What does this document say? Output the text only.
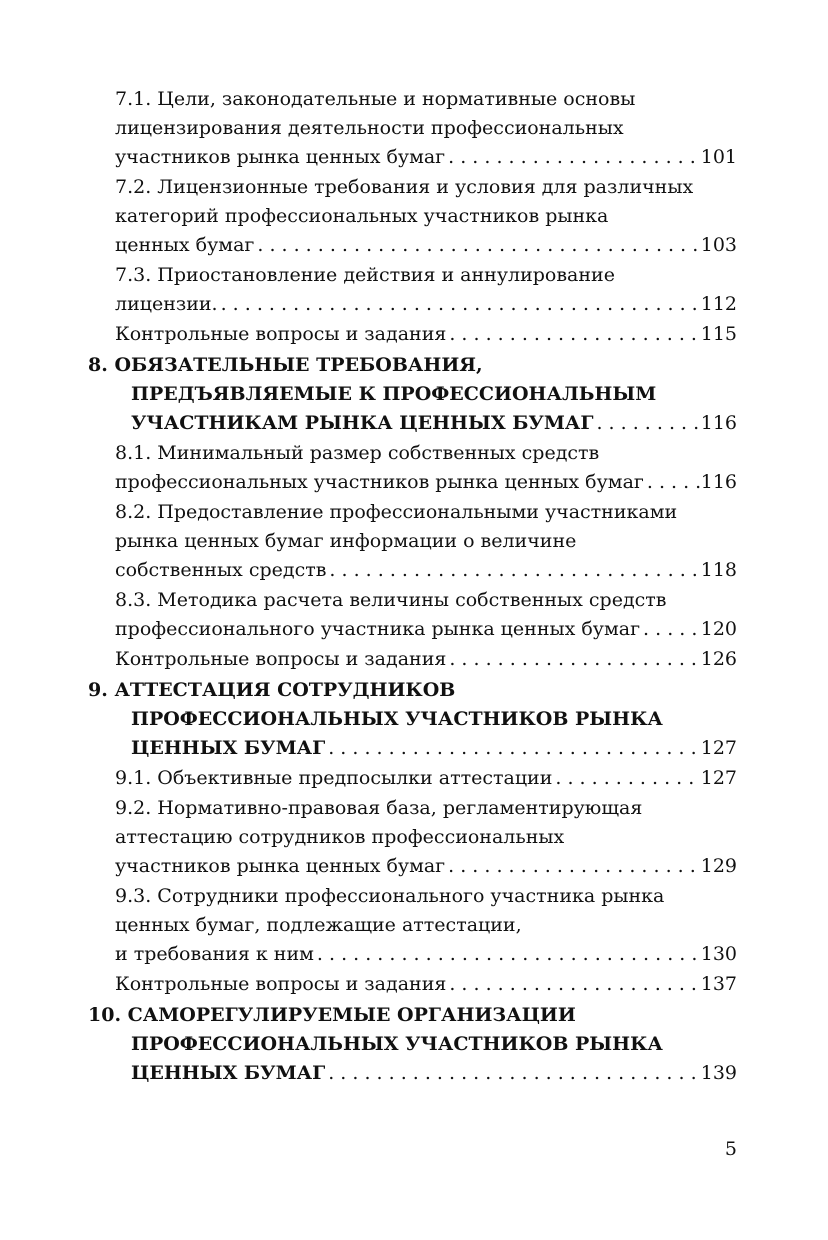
7.1. Цели, законодательные и нормативные основы
лицензирования деятельности профессиональных
участников рынка ценных бумаг . . .	101
7.2. Лицензионные требования и условия для различных
категорий профессиональных участников рынка
ценных бумаг . . .	103
7.3. Приостановление действия и аннулирование
лицензии. . . .	112
Контрольные вопросы и задания . . .	115
8. ОБЯЗАТЕЛЬНЫЕ ТРЕБОВАНИЯ,
ПРЕДЪЯВЛЯЕМЫЕ К ПРОФЕССИОНАЛЬНЫМ
УЧАСТНИКАМ РЫНКА ЦЕННЫХ БУМАГ . . .	116
8.1. Минимальный размер собственных средств
профессиональных участников рынка ценных бумаг . . .	116
8.2. Предоставление профессиональными участниками
рынка ценных бумаг информации о величине
собственных средств . . .	118
8.3. Методика расчета величины собственных средств
профессионального участника рынка ценных бумаг . . .	120
Контрольные вопросы и задания . . .	126
9. АТТЕСТАЦИЯ СОТРУДНИКОВ
ПРОФЕССИОНАЛЬНЫХ УЧАСТНИКОВ РЫНКА
ЦЕННЫХ БУМАГ . . .	127
9.1. Объективные предпосылки аттестации . . .	127
9.2. Нормативно-правовая база, регламентирующая
аттестацию сотрудников профессиональных
участников рынка ценных бумаг . . .	129
9.3. Сотрудники профессионального участника рынка
ценных бумаг, подлежащие аттестации,
и требования к ним . . .	130
Контрольные вопросы и задания . . .	137
10. САМОРЕГУЛИРУЕМЫЕ ОРГАНИЗАЦИИ
ПРОФЕССИОНАЛЬНЫХ УЧАСТНИКОВ РЫНКА
ЦЕННЫХ БУМАГ . . .	139
5
